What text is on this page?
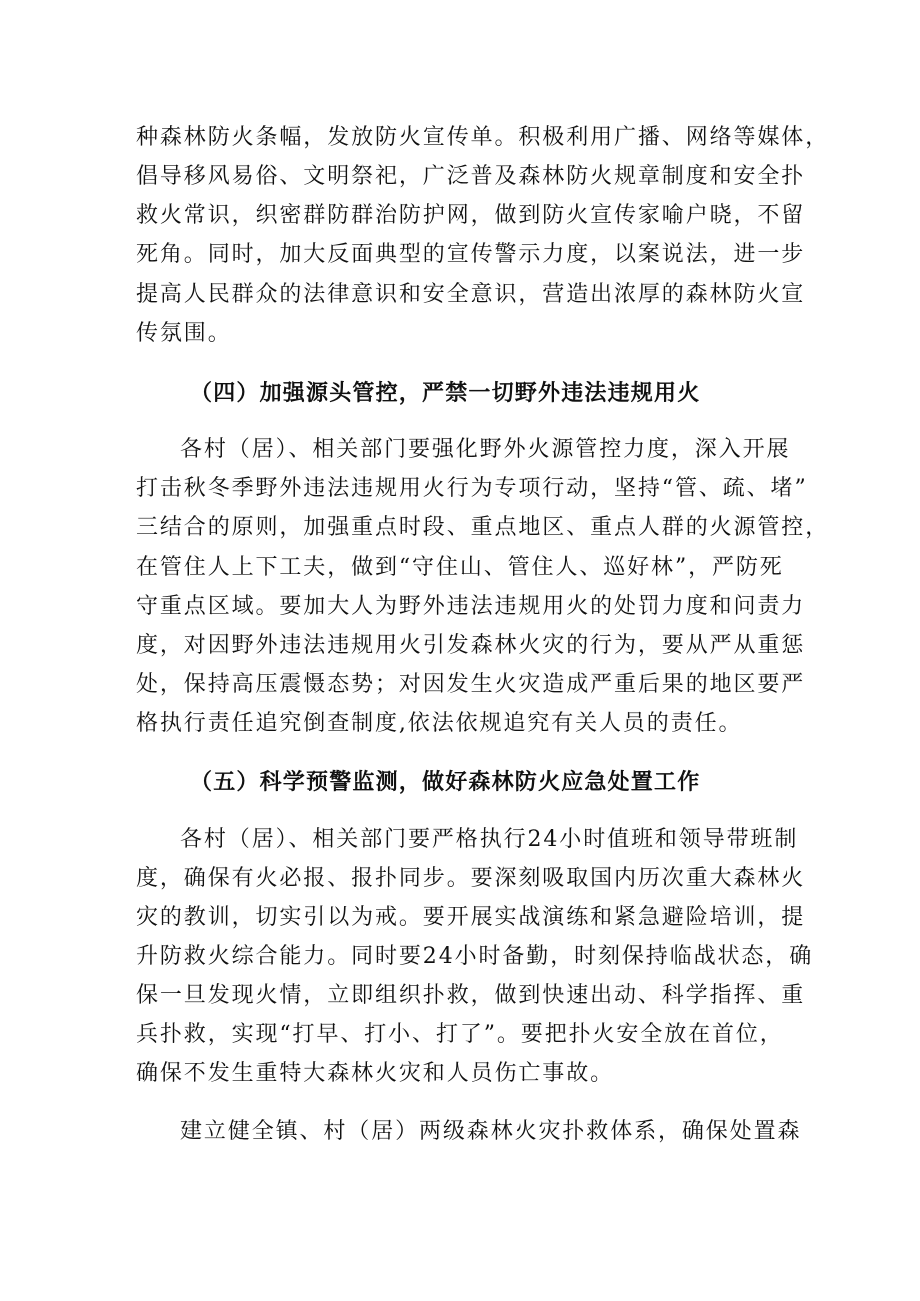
种森林防火条幅，发放防火宣传单。积极利用广播、网络等媒体，
倡导移风易俗、文明祭祀，广泛普及森林防火规章制度和安全扑
救火常识，织密群防群治防护网，做到防火宣传家喻户晓，不留
死角。同时，加大反面典型的宣传警示力度，以案说法，进一步
提高人民群众的法律意识和安全意识，营造出浓厚的森林防火宣
传氛围。
（四）加强源头管控，严禁一切野外违法违规用火
各村（居）、相关部门要强化野外火源管控力度，深入开展
打击秋冬季野外违法违规用火行为专项行动，坚持“管、疏、堵”
三结合的原则，加强重点时段、重点地区、重点人群的火源管控，
在管住人上下工夫，做到“守住山、管住人、巡好林”，严防死
守重点区域。要加大人为野外违法违规用火的处罚力度和问责力
度，对因野外违法违规用火引发森林火灾的行为，要从严从重惩
处，保持高压震慑态势；对因发生火灾造成严重后果的地区要严
格执行责任追究倒查制度,依法依规追究有关人员的责任。
（五）科学预警监测，做好森林防火应急处置工作
各村（居）、相关部门要严格执行24小时值班和领导带班制
度，确保有火必报、报扑同步。要深刻吸取国内历次重大森林火
灾的教训，切实引以为戒。要开展实战演练和紧急避险培训，提
升防救火综合能力。同时要24小时备勤，时刻保持临战状态，确
保一旦发现火情，立即组织扑救，做到快速出动、科学指挥、重
兵扑救，实现“打早、打小、打了”。要把扑火安全放在首位，
确保不发生重特大森林火灾和人员伤亡事故。
建立健全镇、村（居）两级森林火灾扑救体系，确保处置森
